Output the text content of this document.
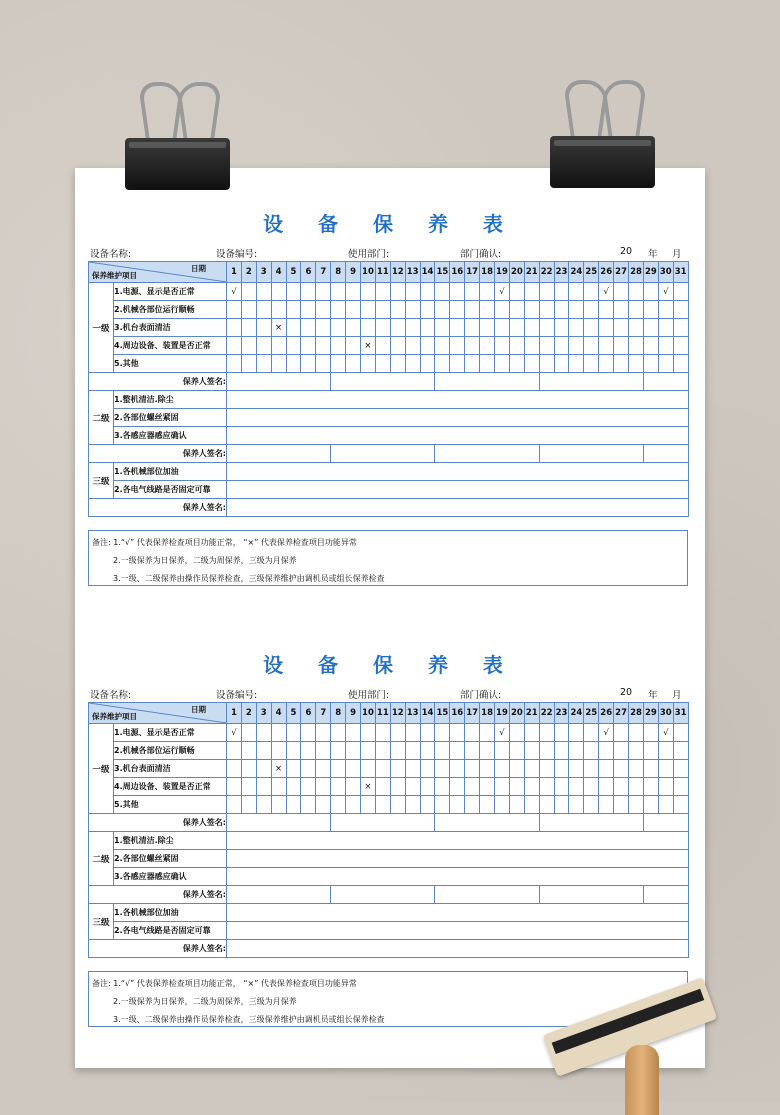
设 备 保 养 表
设备名称:	设备编号:	使用部门:	部门确认:	20 年 月
日期
保养维护项目		1	2	3	4	5	6	7	8	9	10	11	12	13	14	15	16	17	18	19	20	21	22	23	24	25	26	27	28	29	30	31
一级	1.电源、显示是否正常	√																		√							√				√	
	2.机械各部位运行顺畅																															
	3.机台表面清洁				×																											
	4.周边设备、装置是否正常										×																					
	5.其他																															
保养人签名:																																
二级	1.整机清洁.除尘																															
	2.各部位螺丝紧固																															
	3.各感应器感应确认																															
保养人签名:																																
三级	1.各机械部位加油																															
	2.各电气线路是否固定可靠																															
保养人签名:																																
备注: 1.“√” 代表保养检查项目功能正常， “×” 代表保养检查项目功能异常
2.一级保养为日保养，二级为周保养，三级为月保养
3.一级、二级保养由操作员保养检查，三级保养维护由调机员或组长保养检查
设 备 保 养 表
设备名称:	设备编号:	使用部门:	部门确认:	20 年 月
日期
保养维护项目		1	2	3	4	5	6	7	8	9	10	11	12	13	14	15	16	17	18	19	20	21	22	23	24	25	26	27	28	29	30	31
一级	1.电源、显示是否正常	√																		√							√				√	
	2.机械各部位运行顺畅																															
	3.机台表面清洁				×																											
	4.周边设备、装置是否正常										×																					
	5.其他																															
保养人签名:																																
二级	1.整机清洁.除尘																															
	2.各部位螺丝紧固																															
	3.各感应器感应确认																															
保养人签名:																																
三级	1.各机械部位加油																															
	2.各电气线路是否固定可靠																															
保养人签名:																																
备注: 1.“√” 代表保养检查项目功能正常， “×” 代表保养检查项目功能异常
2.一级保养为日保养，二级为周保养，三级为月保养
3.一级、二级保养由操作员保养检查，三级保养维护由调机员或组长保养检查
